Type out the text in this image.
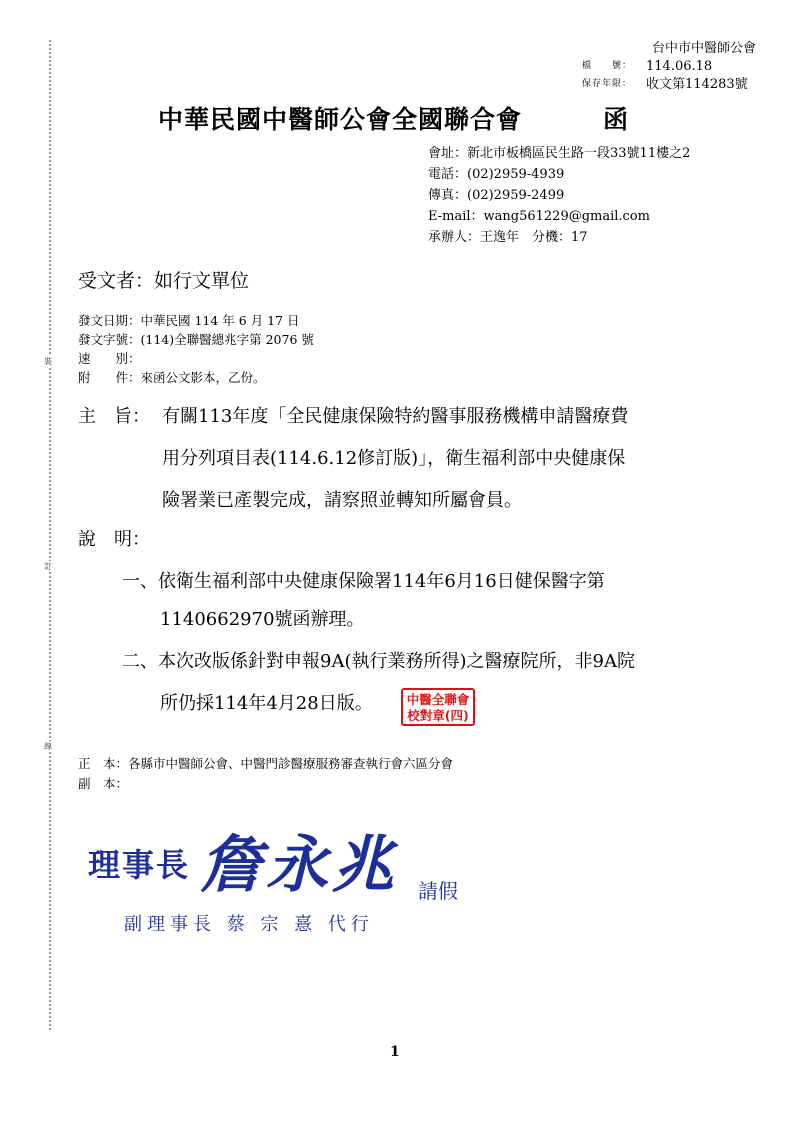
裝
訂
線
台中市中醫師公會
檔　　號： 114.06.18
保存年限： 收文第114283號
中華民國中醫師公會全國聯合會	函
會址：新北市板橋區民生路一段33號11樓之2
電話：(02)2959-4939
傳真：(02)2959-2499
E-mail：wang561229@gmail.com
承辦人：王逸年　分機：17
受文者：如行文單位
發文日期：中華民國 114 年 6 月 17 日
發文字號：(114)全聯醫總兆字第 2076 號
速　　別：
附　　件：來函公文影本，乙份。
主　旨： 有關113年度「全民健康保險特約醫事服務機構申請醫療費
用分列項目表(114.6.12修訂版)」，衛生福利部中央健康保
險署業已產製完成，請察照並轉知所屬會員。
說　明：
一、依衛生福利部中央健康保險署114年6月16日健保醫字第
1140662970號函辦理。
二、本次改版係針對申報9A(執行業務所得)之醫療院所，非9A院
所仍採114年4月28日版。	中醫全聯會
校對章(四)
正　本：各縣市中醫師公會、中醫門診醫療服務審查執行會六區分會
副　本：
理事長 詹永兆 請假
副理事長 蔡 宗 憙 代行
1
